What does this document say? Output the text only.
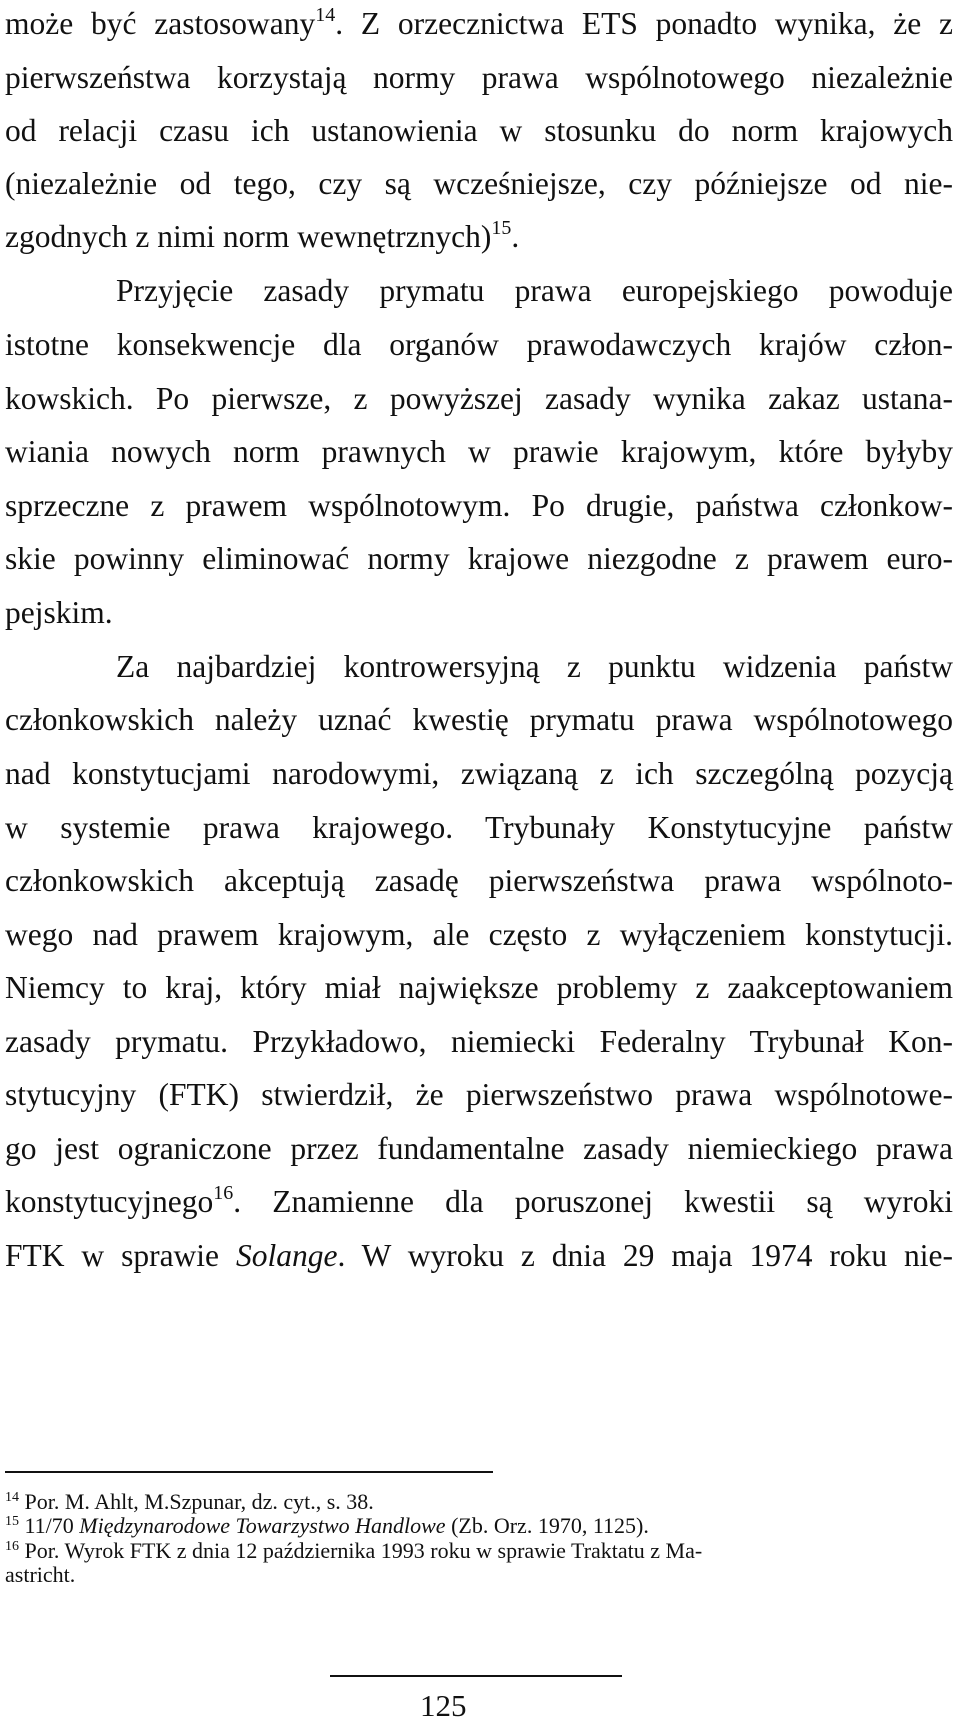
może być zastosowany$^{14}$. Z orzecznictwa ETS ponadto wynika, że z
pierwszeństwa korzystają normy prawa wspólnotowego niezależnie
od relacji czasu ich ustanowienia w stosunku do norm krajowych
(niezależnie od tego, czy są wcześniejsze, czy późniejsze od nie-
zgodnych z nimi norm wewnętrznych)$^{15}$.
Przyjęcie zasady prymatu prawa europejskiego powoduje
istotne konsekwencje dla organów prawodawczych krajów człon-
kowskich. Po pierwsze, z powyższej zasady wynika zakaz ustana-
wiania nowych norm prawnych w prawie krajowym, które byłyby
sprzeczne z prawem wspólnotowym. Po drugie, państwa członkow-
skie powinny eliminować normy krajowe niezgodne z prawem euro-
pejskim.
Za najbardziej kontrowersyjną z punktu widzenia państw
członkowskich należy uznać kwestię prymatu prawa wspólnotowego
nad konstytucjami narodowymi, związaną z ich szczególną pozycją
w systemie prawa krajowego. Trybunały Konstytucyjne państw
członkowskich akceptują zasadę pierwszeństwa prawa wspólnoto-
wego nad prawem krajowym, ale często z wyłączeniem konstytucji.
Niemcy to kraj, który miał największe problemy z zaakceptowaniem
zasady prymatu. Przykładowo, niemiecki Federalny Trybunał Kon-
stytucyjny (FTK) stwierdził, że pierwszeństwo prawa wspólnotowe-
go jest ograniczone przez fundamentalne zasady niemieckiego prawa
konstytucyjnego$^{16}$. Znamienne dla poruszonej kwestii są wyroki
FTK w sprawie Solange. W wyroku z dnia 29 maja 1974 roku nie-
$^{14}$ Por. M. Ahlt, M.Szpunar, dz. cyt., s. 38.
$^{15}$ 11/70 Międzynarodowe Towarzystwo Handlowe (Zb. Orz. 1970, 1125).
$^{16}$ Por. Wyrok FTK z dnia 12 października 1993 roku w sprawie Traktatu z Ma-
astricht.
125
